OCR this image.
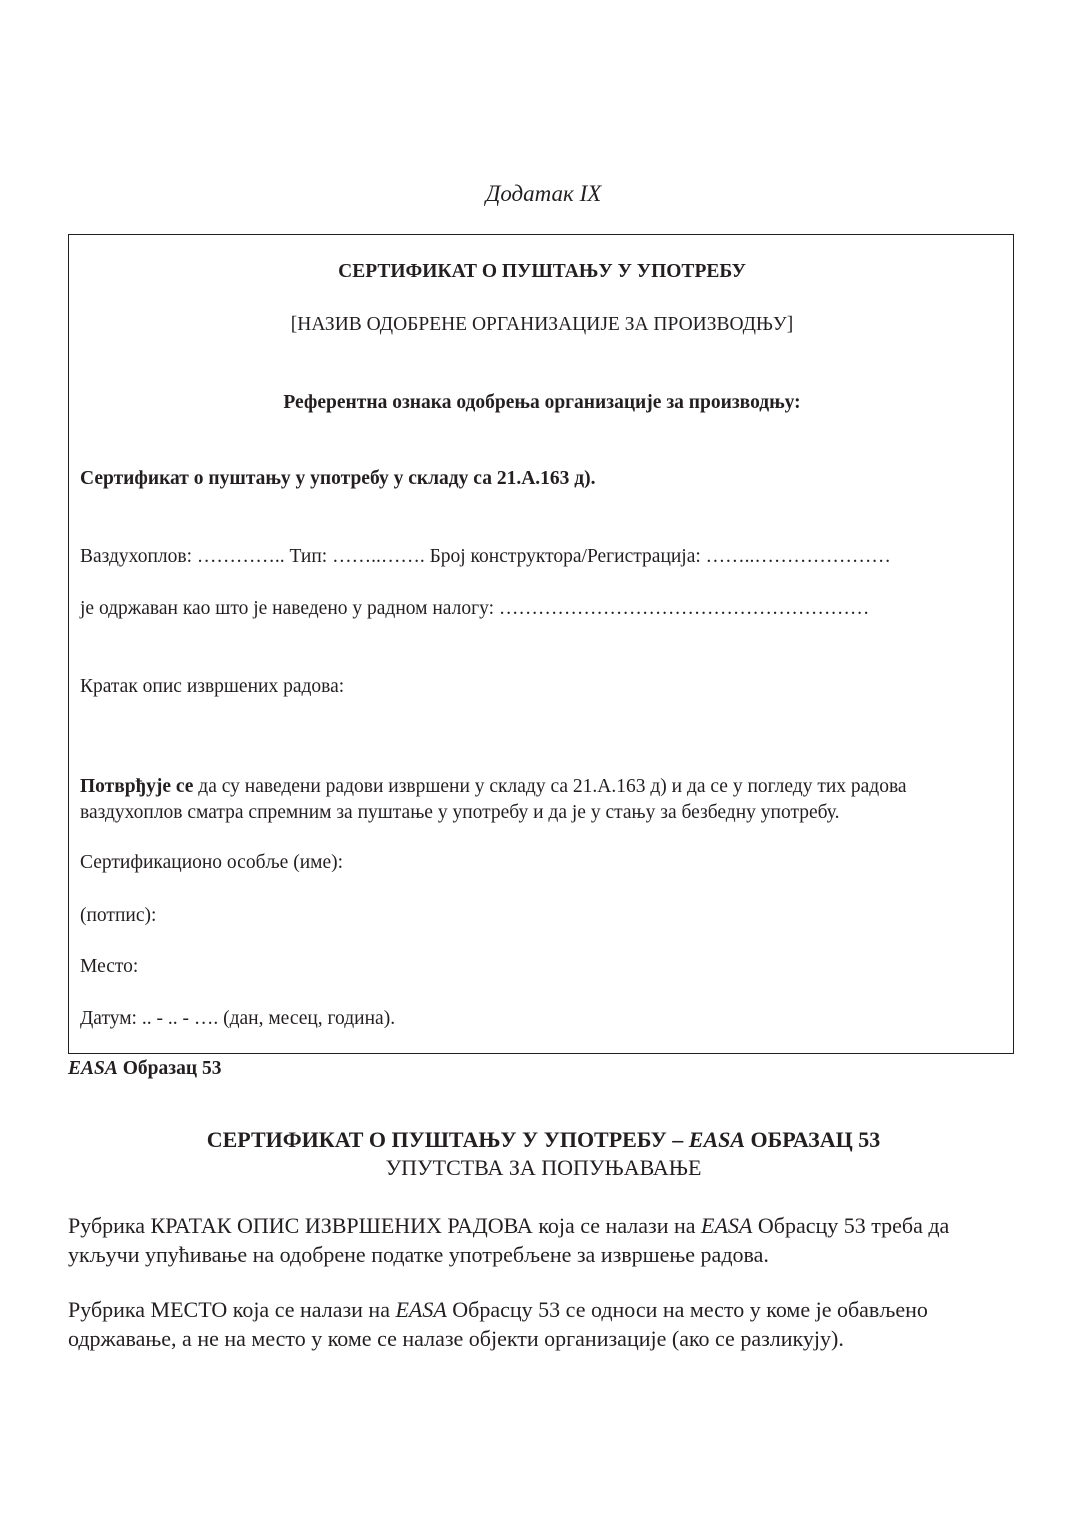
Додатак IX
СЕРТИФИКАТ О ПУШТАЊУ У УПОТРЕБУ
[НАЗИВ ОДОБРЕНЕ ОРГАНИЗАЦИЈЕ ЗА ПРОИЗВОДЊУ]
Референтна ознака одобрења организације за производњу:
Сертификат о пуштању у употребу у складу са 21.A.163 д).
Ваздухоплов: ………….. Тип: ……..……. Број конструктора/Регистрација: ……..…………………
је одржаван као што је наведено у радном налогу: …………………………………………………
Кратак опис извршених радова:
Потврђује се да су наведени радови извршени у складу са 21.A.163 д) и да се у погледу тих радова
ваздухоплов сматра спремним за пуштање у употребу и да је у стању за безбедну употребу.
Сертификационо особље (име):
(потпис):
Место:
Датум: .. - .. - …. (дан, месец, година).
EASA Образац 53
СЕРТИФИКАТ О ПУШТАЊУ У УПОТРЕБУ – EASA ОБРАЗАЦ 53
УПУТСТВА ЗА ПОПУЊАВАЊЕ
Рубрика КРАТАК ОПИС ИЗВРШЕНИХ РАДОВА која се налази на EASA Обрасцу 53 треба да укључи упућивање на одобрене податке употребљене за извршење радова.
Рубрика МЕСТО која се налази на EASA Обрасцу 53 се односи на место у коме је обављено одржавање, а не на место у коме се налазе објекти организације (ако се разликују).
